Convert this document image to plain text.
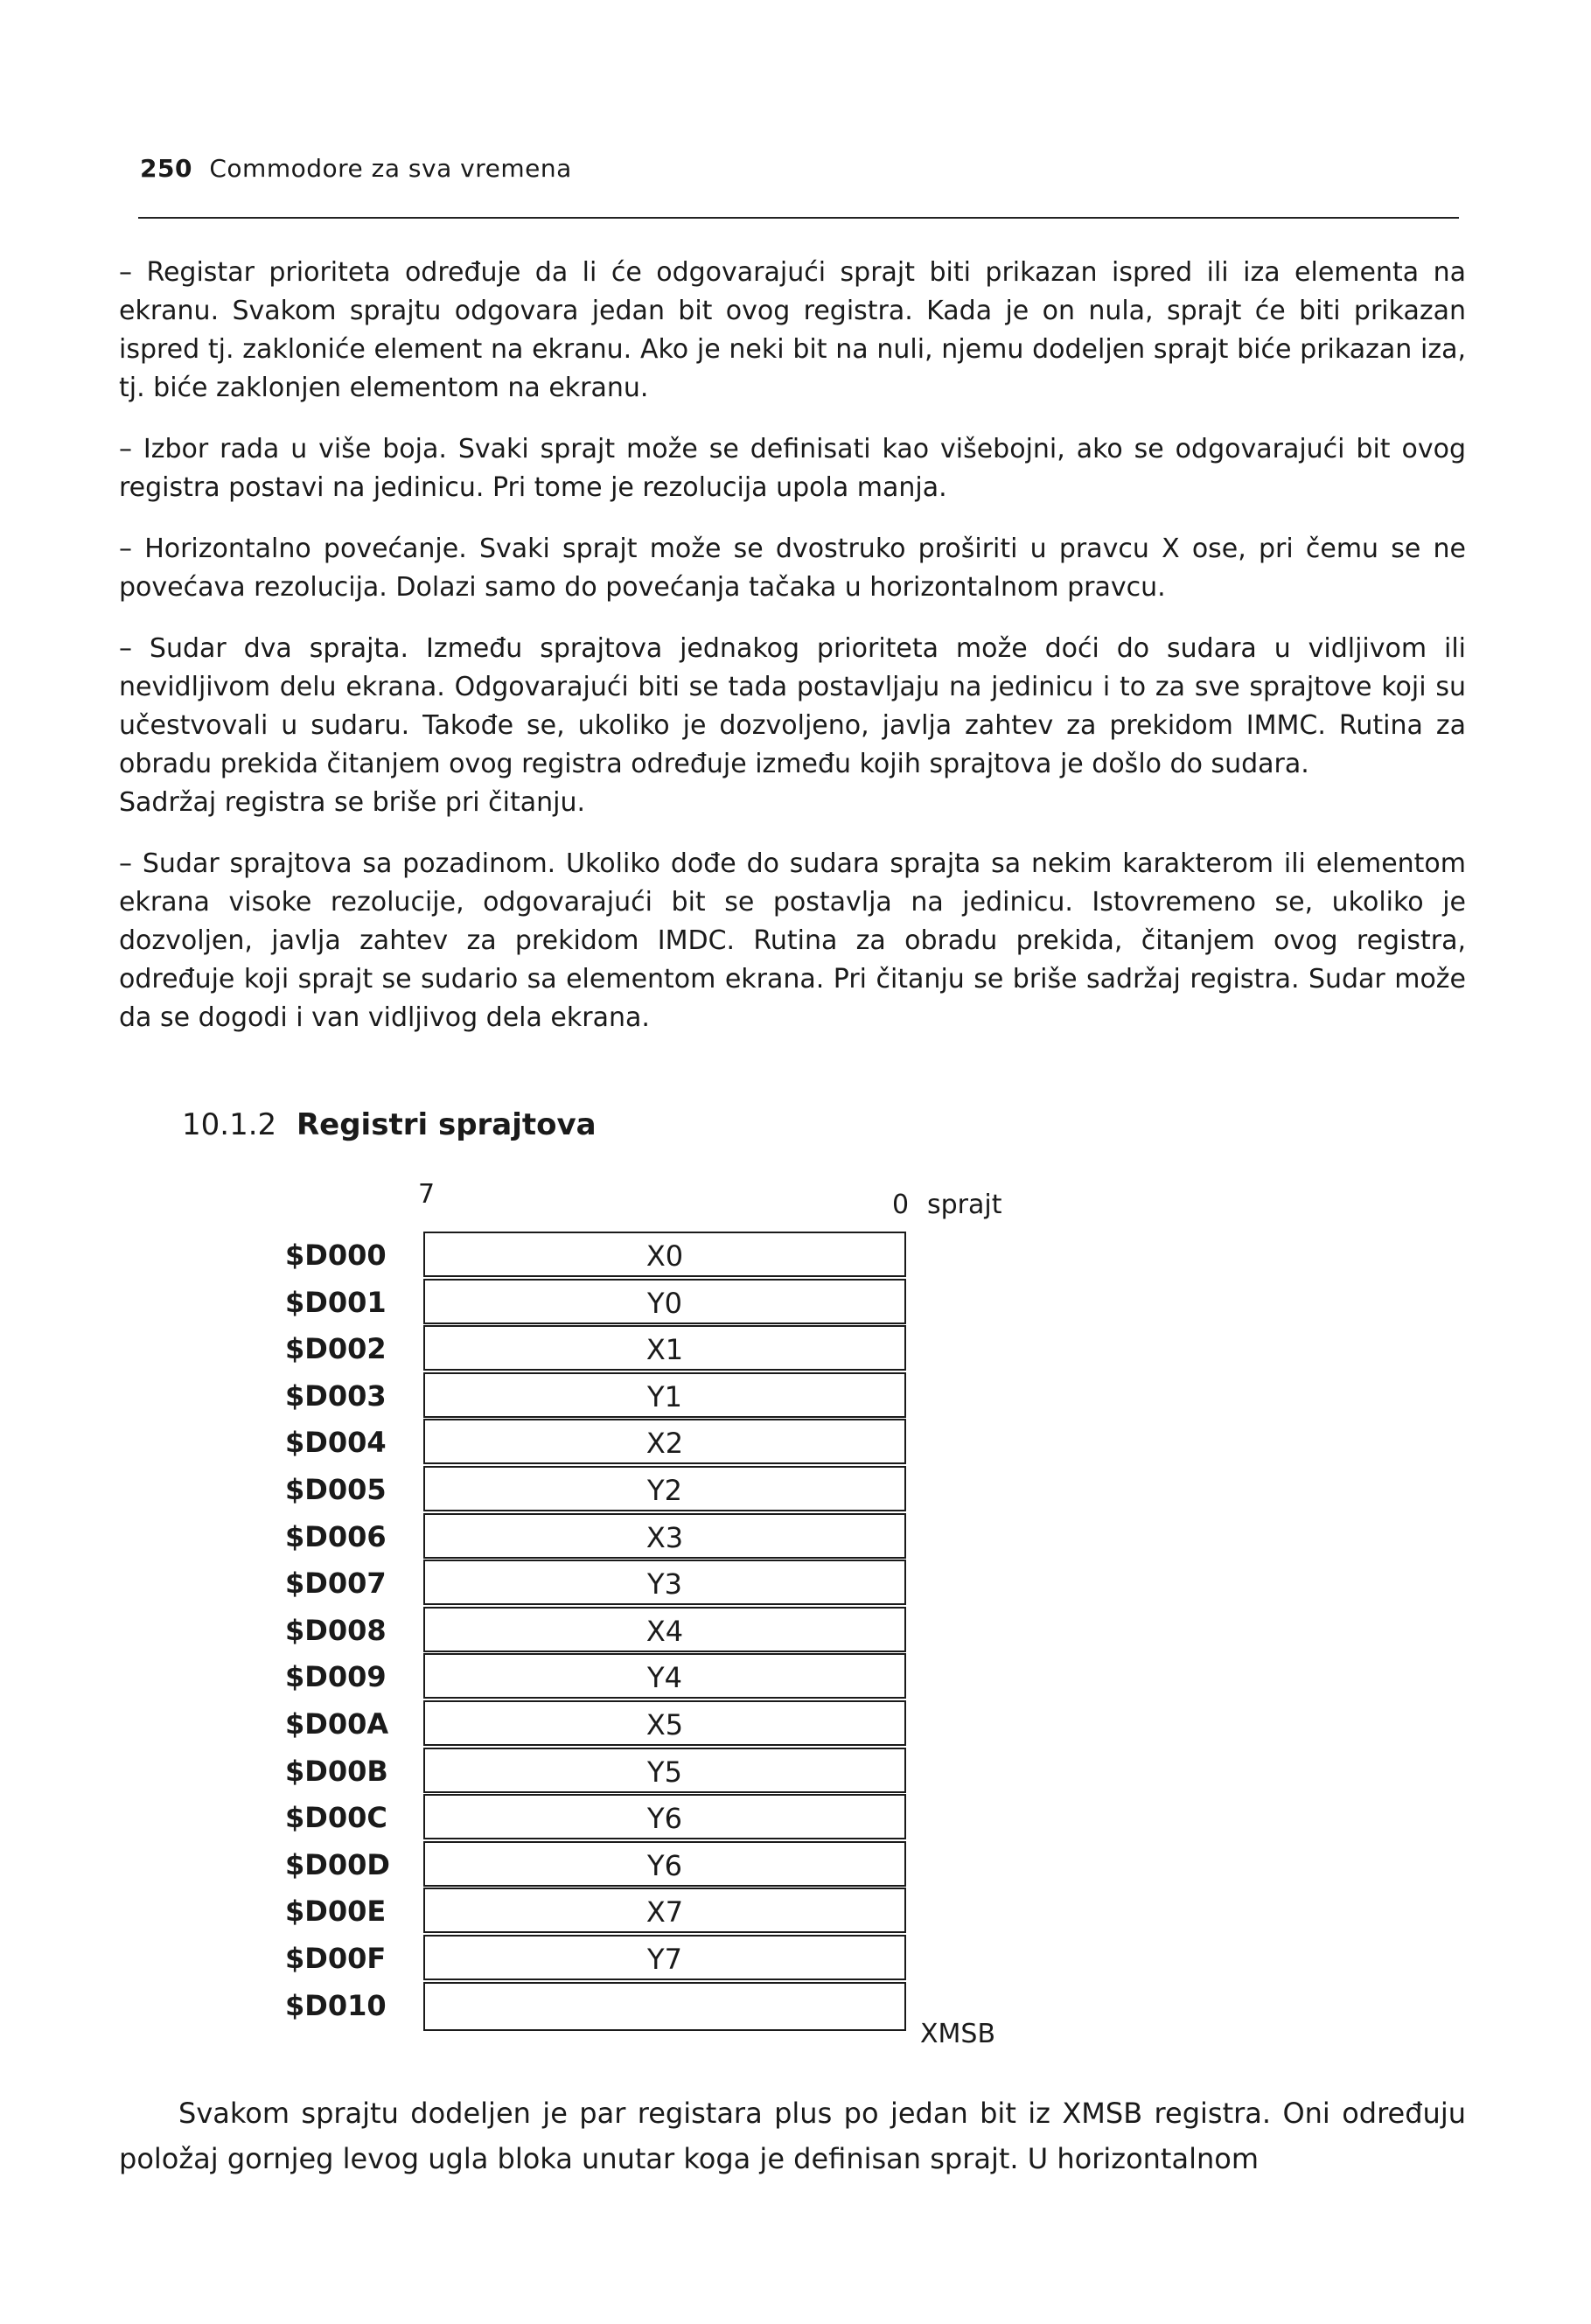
250 Commodore za sva vremena

– Registar prioriteta određuje da li će odgovarajući sprajt biti prikazan ispred ili iza elementa na ekranu. Svakom sprajtu odgovara jedan bit ovog registra. Kada je on nula, sprajt će biti prikazan ispred tj. zakloniće element na ekranu. Ako je neki bit na nuli, njemu dodeljen sprajt biće prikazan iza, tj. biće zaklonjen elementom na ekranu.

– Izbor rada u više boja. Svaki sprajt može se definisati kao višebojni, ako se odgovarajući bit ovog registra postavi na jedinicu. Pri tome je rezolucija upola manja.

– Horizontalno povećanje. Svaki sprajt može se dvostruko proširiti u pravcu X ose, pri čemu se ne povećava rezolucija. Dolazi samo do povećanja tačaka u horizontalnom pravcu.

– Sudar dva sprajta. Između sprajtova jednakog prioriteta može doći do sudara u vidljivom ili nevidljivom delu ekrana. Odgovarajući biti se tada postavljaju na jedinicu i to za sve sprajtove koji su učestvovali u sudaru. Takođe se, ukoliko je dozvoljeno, javlja zahtev za prekidom IMMC. Rutina za obradu prekida čitanjem ovog registra određuje između kojih sprajtova je došlo do sudara.

Sadržaj registra se briše pri čitanju.

– Sudar sprajtova sa pozadinom. Ukoliko dođe do sudara sprajta sa nekim karakterom ili elementom ekrana visoke rezolucije, odgovarajući bit se postavlja na jedinicu. Istovremeno se, ukoliko je dozvoljen, javlja zahtev za prekidom IMDC. Rutina za obradu prekida, čitanjem ovog registra, određuje koji sprajt se sudario sa elementom ekrana. Pri čitanju se briše sadržaj registra. Sudar može da se dogodi i van vidljivog dela ekrana.

10.1.2 Registri sprajtova
7	0 sprajt
XMSB
$D000	X0
$D001	Y0
$D002	X1
$D003	Y1
$D004	X2
$D005	Y2
$D006	X3
$D007	Y3
$D008	X4
$D009	Y4
$D00A	X5
$D00B	Y5
$D00C	Y6
$D00D	Y6
$D00E	X7
$D00F	Y7
$D010

Svakom sprajtu dodeljen je par registara plus po jedan bit iz XMSB registra. Oni određuju položaj gornjeg levog ugla bloka unutar koga je definisan sprajt. U horizontalnom
